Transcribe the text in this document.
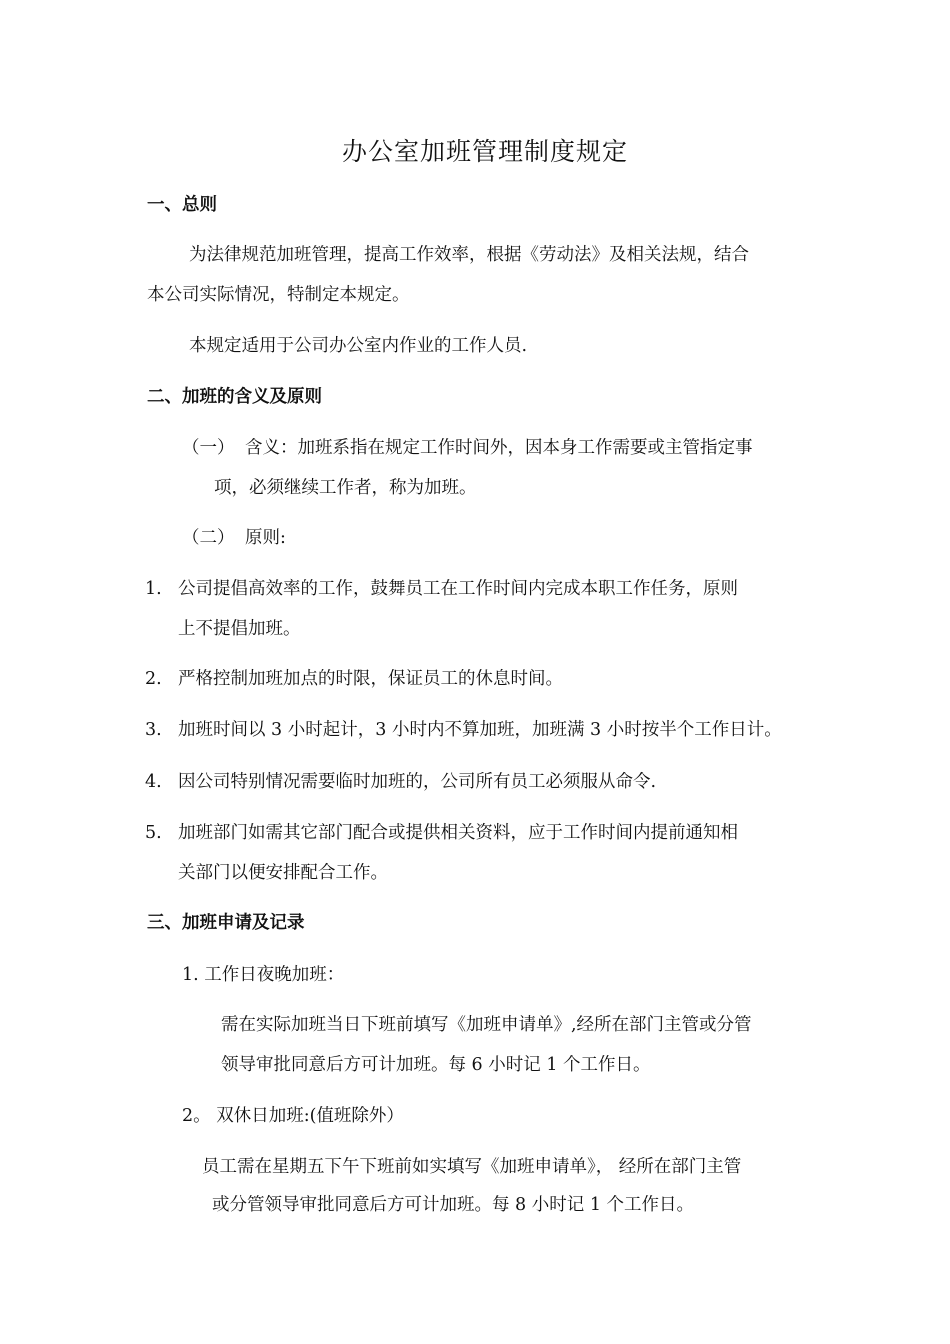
办公室加班管理制度规定
一、总则
为法律规范加班管理，提高工作效率，根据《劳动法》及相关法规，结合
本公司实际情况，特制定本规定。
本规定适用于公司办公室内作业的工作人员.
二、加班的含义及原则
（一） 含义：加班系指在规定工作时间外，因本身工作需要或主管指定事
项，必须继续工作者，称为加班。
（二） 原则:
1. 公司提倡高效率的工作，鼓舞员工在工作时间内完成本职工作任务，原则
上不提倡加班。
2. 严格控制加班加点的时限，保证员工的休息时间。
3. 加班时间以 3 小时起计，3 小时内不算加班，加班满 3 小时按半个工作日计。
4. 因公司特别情况需要临时加班的，公司所有员工必须服从命令.
5. 加班部门如需其它部门配合或提供相关资料，应于工作时间内提前通知相
关部门以便安排配合工作。
三、加班申请及记录
1. 工作日夜晚加班：
需在实际加班当日下班前填写《加班申请单》,经所在部门主管或分管
领导审批同意后方可计加班。每 6 小时记 1 个工作日。
2。 双休日加班:(值班除外）
员工需在星期五下午下班前如实填写《加班申请单》， 经所在部门主管
或分管领导审批同意后方可计加班。每 8 小时记 1 个工作日。
